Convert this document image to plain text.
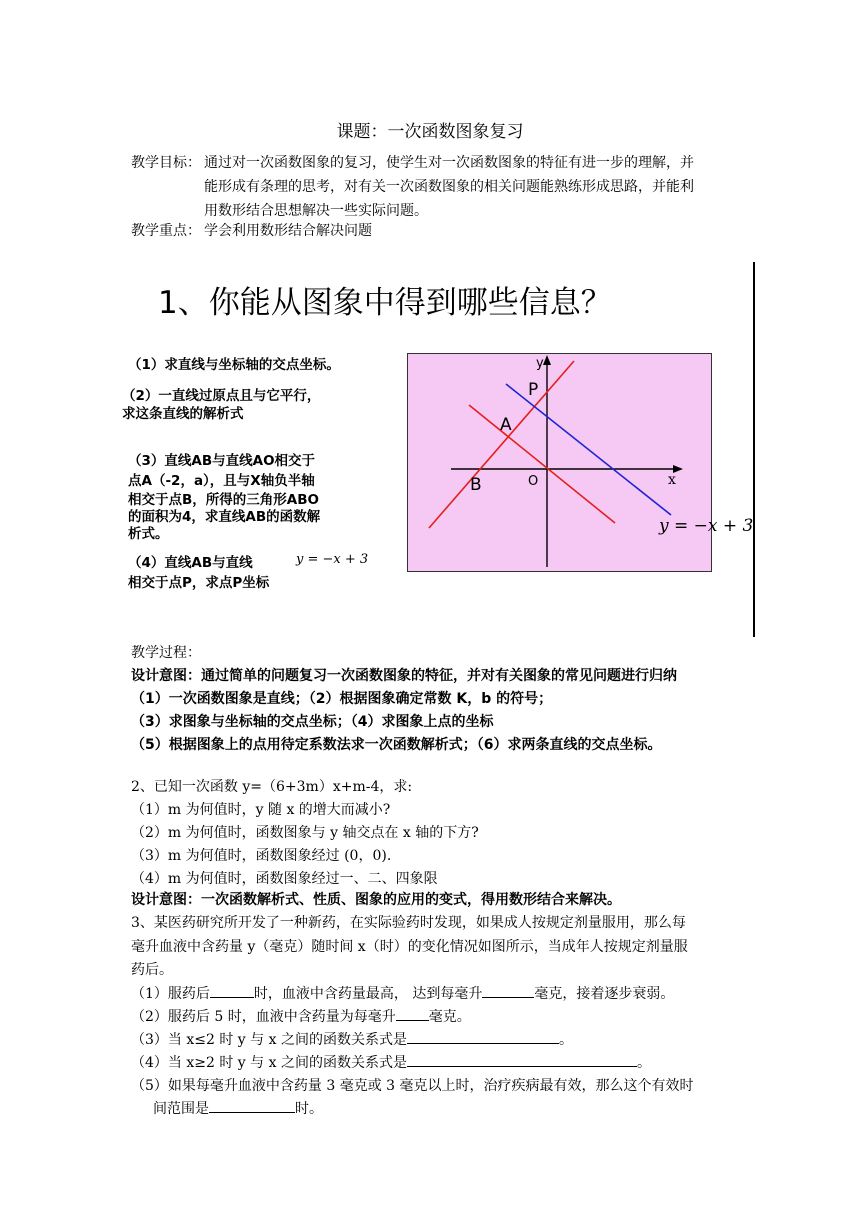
课题：一次函数图象复习
教学目标： 通过对一次函数图象的复习，使学生对一次函数图象的特征有进一步的理解，并
能形成有条理的思考，对有关一次函数图象的相关问题能熟练形成思路，并能利
用数形结合思想解决一些实际问题。
教学重点： 学会利用数形结合解决问题
1、你能从图象中得到哪些信息？
（1）求直线与坐标轴的交点坐标。
（2）一直线过原点且与它平行，
求这条直线的解析式
（3）直线AB与直线AO相交于
点A（-2，a），且与X轴负半轴
相交于点B，所得的三角形ABO
的面积为4，求直线AB的函数解
析式。
（4）直线AB与直线	y = −x + 3
相交于点P，求点P坐标
y
x
P
A
B	O
y = −x + 3
教学过程：
设计意图：通过简单的问题复习一次函数图象的特征，并对有关图象的常见问题进行归纳
（1）一次函数图象是直线；（2）根据图象确定常数 K，b 的符号；
（3）求图象与坐标轴的交点坐标；（4）求图象上点的坐标
（5）根据图象上的点用待定系数法求一次函数解析式；（6）求两条直线的交点坐标。
2、已知一次函数 y=（6+3m）x+m-4，求:
（1）m 为何值时，y 随 x 的增大而减小?
（2）m 为何值时，函数图象与 y 轴交点在 x 轴的下方?
（3）m 为何值时，函数图象经过 (0，0).
（4）m 为何值时，函数图象经过一、二、四象限
设计意图：一次函数解析式、性质、图象的应用的变式，得用数形结合来解决。
3、某医药研究所开发了一种新药，在实际验药时发现，如果成人按规定剂量服用，那么每
毫升血液中含药量 y（毫克）随时间 x（时）的变化情况如图所示，当成年人按规定剂量服
药后。
（1）服药后	时，血液中含药量最高， 达到每毫升	毫克，接着逐步衰弱。
（2）服药后 5 时，血液中含药量为每毫升 毫克。
（3）当 x≤2 时 y 与 x 之间的函数关系式是	。
（4）当 x≥2 时 y 与 x 之间的函数关系式是	。
（5）如果每毫升血液中含药量 3 毫克或 3 毫克以上时，治疗疾病最有效，那么这个有效时
间范围是	时。
